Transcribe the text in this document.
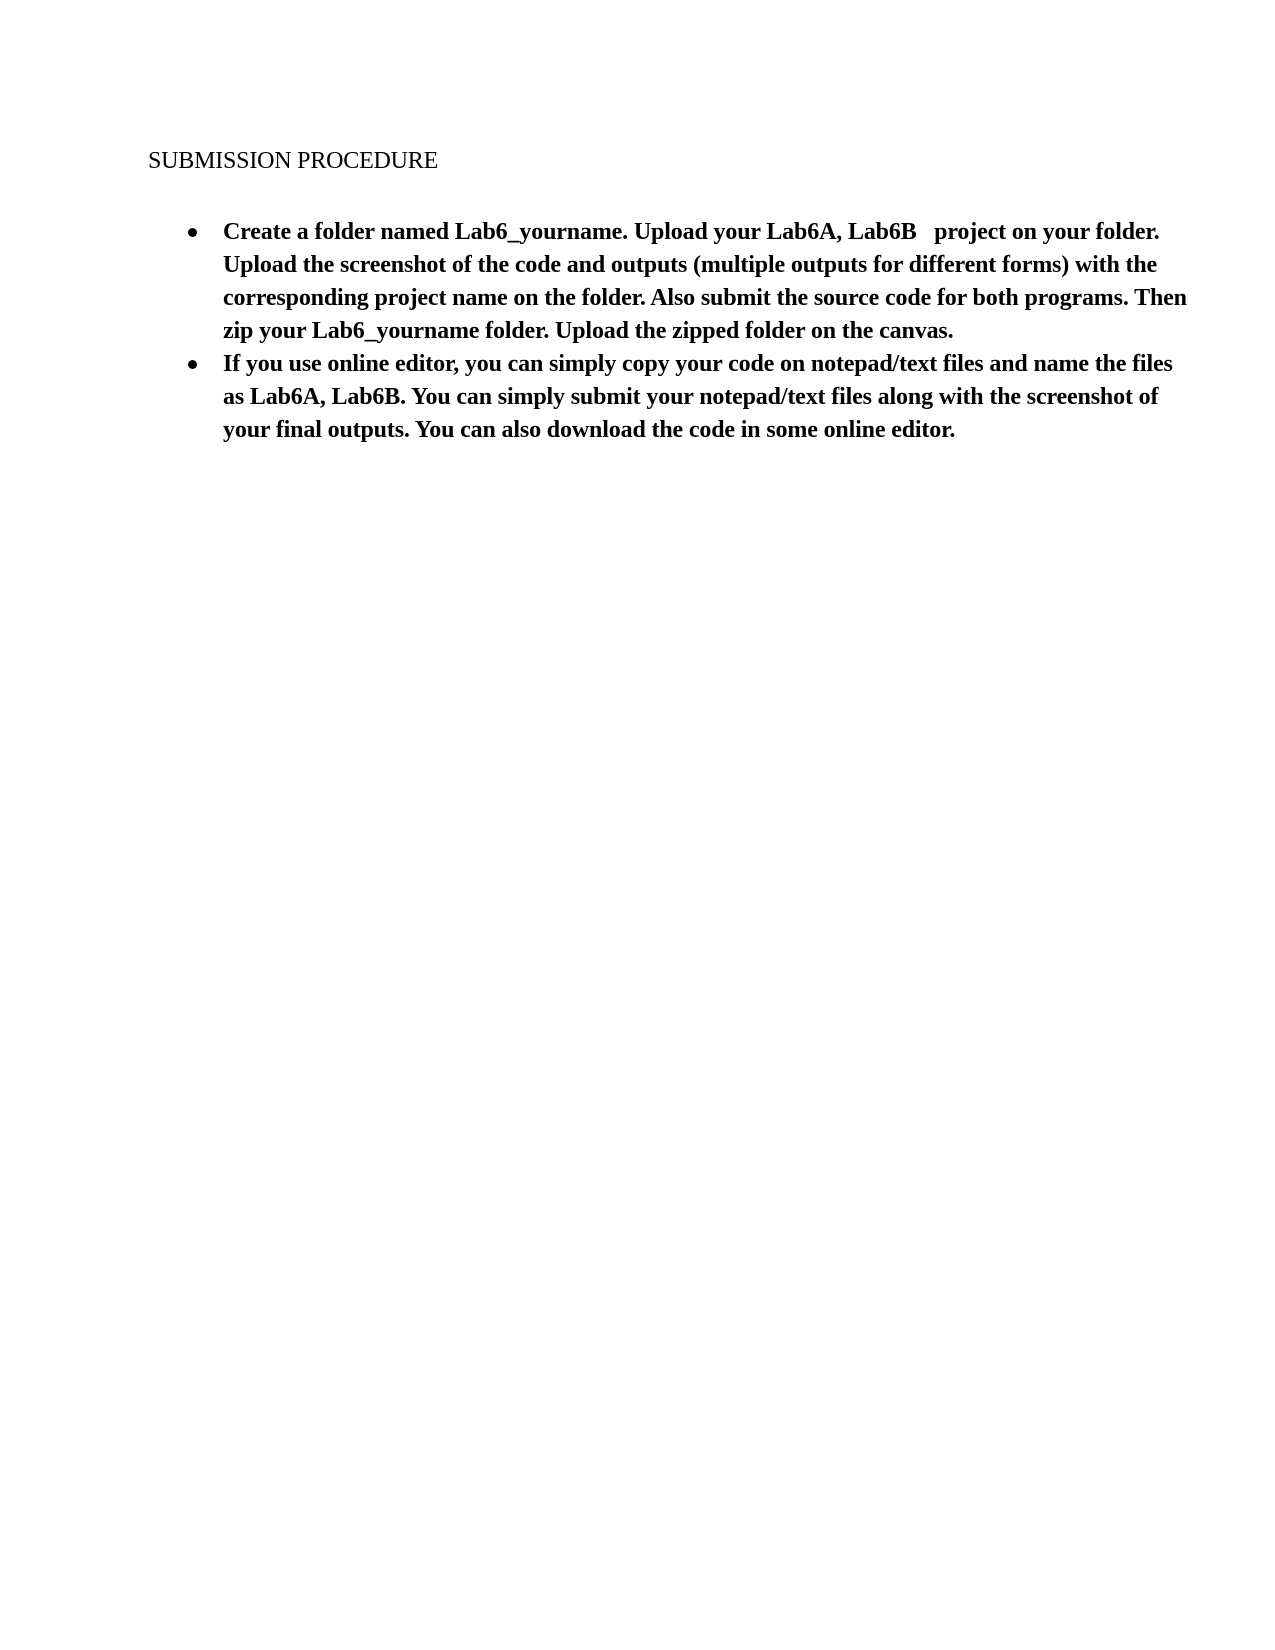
SUBMISSION PROCEDURE
Create a folder named Lab6_yourname. Upload your Lab6A, Lab6B   project on your folder. Upload the screenshot of the code and outputs (multiple outputs for different forms) with the corresponding project name on the folder. Also submit the source code for both programs. Then zip your Lab6_yourname folder. Upload the zipped folder on the canvas.
If you use online editor, you can simply copy your code on notepad/text files and name the files as Lab6A, Lab6B. You can simply submit your notepad/text files along with the screenshot of your final outputs. You can also download the code in some online editor.
